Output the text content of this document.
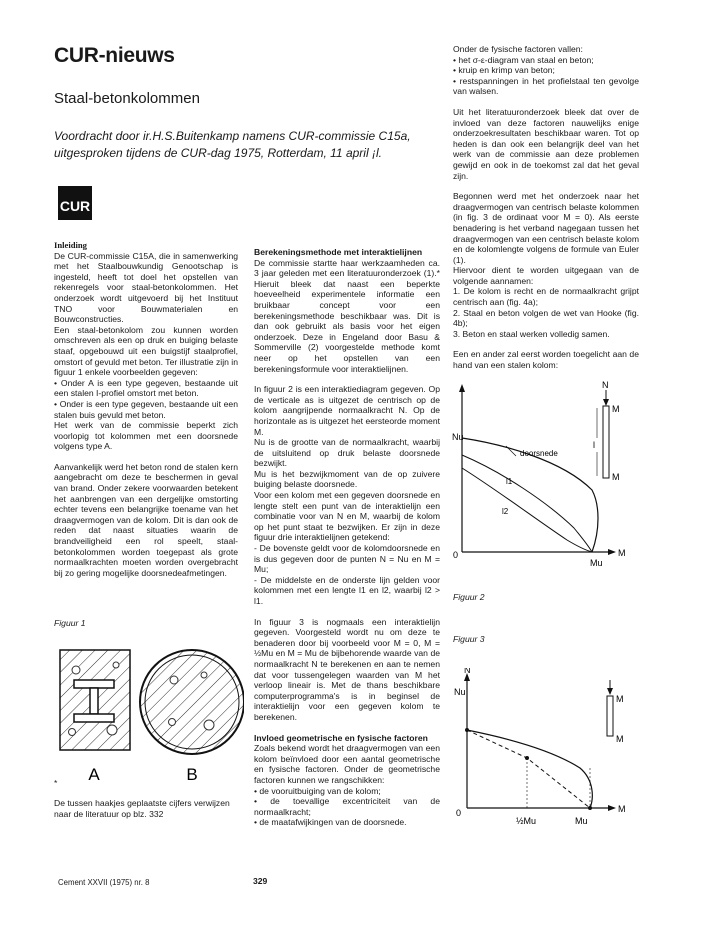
CUR-nieuws
Staal-betonkolommen
Voordracht door ir.H.S.Buitenkamp namens CUR-commissie C15a,
uitgesproken tijdens de CUR-dag 1975, Rotterdam, 11 april ¡l.
CUR
Inleiding

De CUR-commissie C15A, die in samenwerking met het Staalbouwkundig Genootschap is ingesteld, heeft tot doel het opstellen van rekenregels voor staal-betonkolommen. Het onderzoek wordt uitgevoerd bij het Instituut TNO voor Bouwmaterialen en Bouwconstructies.

Een staal-betonkolom zou kunnen worden omschreven als een op druk en buiging belaste staaf, opgebouwd uit een buigstijf staalprofiel, omstort of gevuld met beton. Ter illustratie zijn in figuur 1 enkele voorbeelden gegeven:

• Onder A is een type gegeven, bestaande uit een stalen I-profiel omstort met beton.
• Onder is een type gegeven, bestaande uit een stalen buis gevuld met beton.

Het werk van de commissie beperkt zich voorlopig tot kolommen met een doorsnede volgens type A.

Aanvankelijk werd het beton rond de stalen kern aangebracht om deze te beschermen in geval van brand. Onder zekere voorwaarden betekent het aanbrengen van een dergelijke omstorting echter tevens een belangrijke toename van het draagvermogen van de kolom. Dit is dan ook de reden dat naast situaties waarin de brandveiligheid een rol speelt, staal-betonkolommen worden toegepast als grote normaalkrachten moeten worden overgebracht bij zo gering mogelijke doorsnedeafmetingen.

Figuur 1
A	B
*
De tussen haakjes geplaatste cijfers verwijzen naar de literatuur op blz. 332
Berekeningsmethode met interaktielijnen

De commissie startte haar werkzaamheden ca. 3 jaar geleden met een literatuuronderzoek (1).* Hieruit bleek dat naast een beperkte hoeveelheid experimentele informatie een bruikbaar concept voor een berekeningsmethode beschikbaar was. Dit is dan ook gebruikt als basis voor het eigen onderzoek. Deze in Engeland door Basu & Sommerville (2) voorgestelde methode komt neer op het opstellen van een berekeningsformule voor interaktielijnen.

In figuur 2 is een interaktiediagram gegeven. Op de verticale as is uitgezet de centrisch op de kolom aangrijpende normaalkracht N. Op de horizontale as is uitgezet het eersteorde moment M.

Nu is de grootte van de normaalkracht, waarbij de uitsluitend op druk belaste doorsnede bezwijkt.

Mu is het bezwijkmoment van de op zuivere buiging belaste doorsnede.

Voor een kolom met een gegeven doorsnede en lengte stelt een punt van de interaktielijn een combinatie voor van N en M, waarbij de kolom op het punt staat te bezwijken. Er zijn in deze figuur drie interaktielijnen getekend:

- De bovenste geldt voor de kolomdoorsnede en is dus gegeven door de punten N = Nu en M = Mu;

- De middelste en de onderste lijn gelden voor kolommen met een lengte l1 en l2, waarbij l2 > l1.

In figuur 3 is nogmaals een interaktielijn gegeven. Voorgesteld wordt nu om deze te benaderen door bij voorbeeld voor M = 0, M = ½Mu en M = Mu de bijbehorende waarde van de normaalkracht N te berekenen en aan te nemen dat voor tussengelegen waarden van M het verloop lineair is. Met de thans beschikbare computerprogramma's is in beginsel de interaktielijn voor een gegeven kolom te berekenen.

Invloed geometrische en fysische factoren

Zoals bekend wordt het draagvermogen van een kolom beïnvloed door een aantal geometrische en fysische factoren. Onder de geometrische factoren kunnen we rangschikken:

• de vooruitbuiging van de kolom;
• de toevallige excentriciteit van de normaalkracht;
• de maatafwijkingen van de doorsnede.
Onder de fysische factoren vallen:
• het σ-ε-diagram van staal en beton;
• kruip en krimp van beton;
• restspanningen in het profielstaal ten gevolge van walsen.

Uit het literatuuronderzoek bleek dat over de invloed van deze factoren nauwelijks enige onderzoekresultaten beschikbaar waren. Tot op heden is dan ook een belangrijk deel van het werk van de commissie aan deze problemen gewijd en ook in de toekomst zal dat het geval zijn.

Begonnen werd met het onderzoek naar het draagvermogen van centrisch belaste kolommen (in fig. 3 de ordinaat voor M = 0). Als eerste benadering is het verband nagegaan tussen het draagvermogen van een centrisch belaste kolom en de kolomlengte volgens de formule van Euler (1).

Hiervoor dient te worden uitgegaan van de volgende aannamen:

1. De kolom is recht en de normaalkracht grijpt centrisch aan (fig. 4a);
2. Staal en beton volgen de wet van Hooke (fig. 4b);
3. Beton en staal werken volledig samen.

Een en ander zal eerst worden toegelicht aan de hand van een stalen kolom:

Nu
0	M
Mu
doorsnede
l1
l2
N
M
M
l
Figuur 2
Figuur 3
N
Nu
0	M
½Mu	Mu
M
M
Cement XXVII (1975) nr. 8	329
